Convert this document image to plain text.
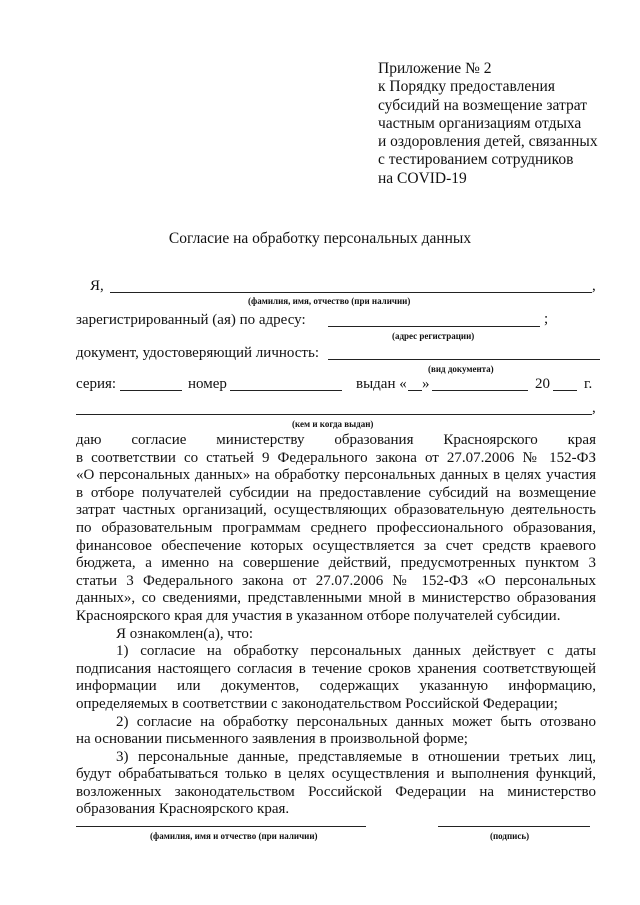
Приложение № 2
к Порядку предоставления
субсидий на возмещение затрат
частным организациям отдыха
и оздоровления детей, связанных
с тестированием сотрудников
на COVID-19
Согласие на обработку персональных данных
Я,	,
(фамилия, имя, отчество (при наличии)
зарегистрированный (ая) по адресу:	;
(адрес регистрации)
документ, удостоверяющий личность:
(вид документа)
серия:	номер	выдан « »	20 г.
,
(кем и когда выдан)
даю согласие министерству образования Красноярского края
в соответствии со статьей 9 Федерального закона от 27.07.2006 № 152-ФЗ
«О персональных данных» на обработку персональных данных в целях участия
в отборе получателей субсидии на предоставление субсидий на возмещение
затрат частных организаций, осуществляющих образовательную деятельность
по образовательным программам среднего профессионального образования,
финансовое обеспечение которых осуществляется за счет средств краевого
бюджета, а именно на совершение действий, предусмотренных пунктом 3
статьи 3 Федерального закона от 27.07.2006 № 152-ФЗ «О персональных
данных», со сведениями, представленными мной в министерство образования
Красноярского края для участия в указанном отборе получателей субсидии.
Я ознакомлен(а), что:
1) согласие на обработку персональных данных действует с даты
подписания настоящего согласия в течение сроков хранения соответствующей
информации или документов, содержащих указанную информацию,
определяемых в соответствии с законодательством Российской Федерации;
2) согласие на обработку персональных данных может быть отозвано
на основании письменного заявления в произвольной форме;
3) персональные данные, представляемые в отношении третьих лиц,
будут обрабатываться только в целях осуществления и выполнения функций,
возложенных законодательством Российской Федерации на министерство
образования Красноярского края.
(фамилия, имя и отчество (при наличии)	(подпись)
